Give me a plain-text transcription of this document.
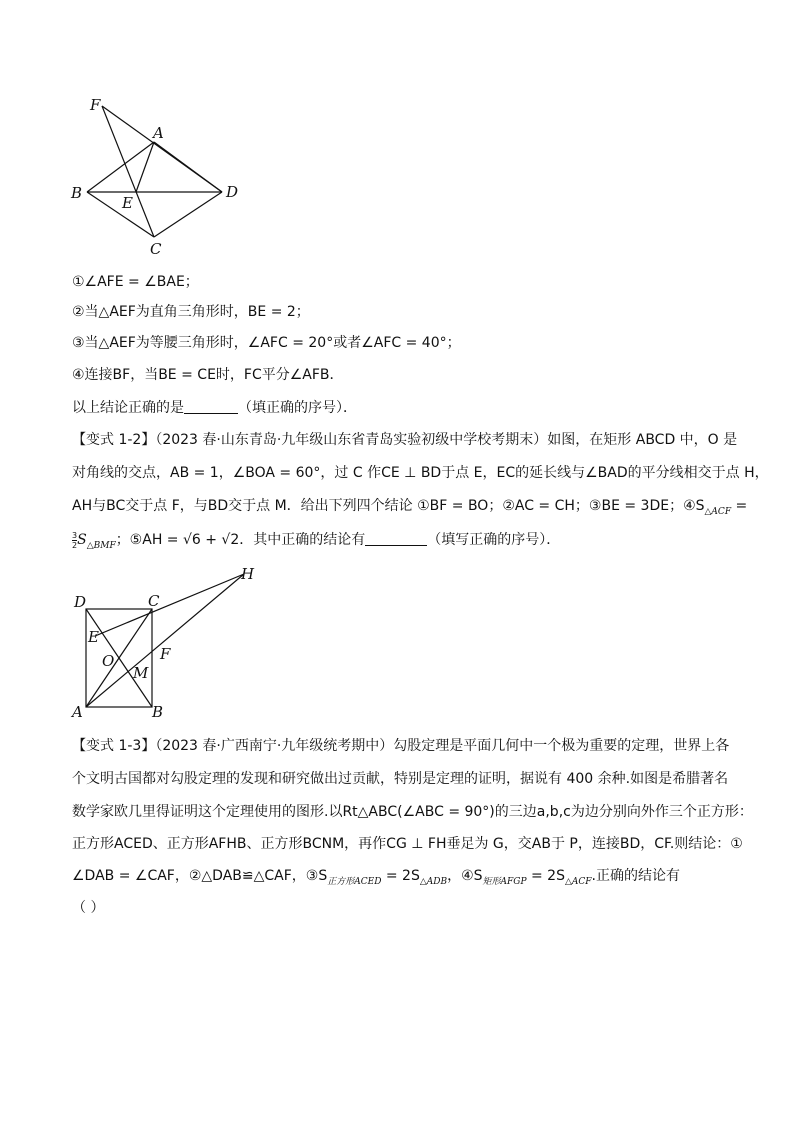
F
A
B
E
D
C
①∠AFE = ∠BAE；
②当△AEF为直角三角形时，BE = 2；
③当△AEF为等腰三角形时，∠AFC = 20°或者∠AFC = 40°；
④连接BF，当BE = CE时，FC平分∠AFB．
以上结论正确的是	（填正确的序号）．
【变式 1-2】（2023 春·山东青岛·九年级山东省青岛实验初级中学校考期末）如图，在矩形 ABCD 中，O 是
对角线的交点，AB = 1，∠BOA = 60°，过 C 作CE ⊥ BD于点 E，EC的延长线与∠BAD的平分线相交于点 H，
AH与BC交于点 F，与BD交于点 M．给出下列四个结论 ①BF = BO；②AC = CH；③BE = 3DE；$④S_{\triangle ACF}$ =
$\frac{3}{2} S_{\triangle BMF}$；⑤AH = √6 + √2．其中正确的结论有	（填写正确的序号）．
D	C
H
E
O	F
M
A	B
【变式 1-3】（2023 春·广西南宁·九年级统考期中）勾股定理是平面几何中一个极为重要的定理，世界上各
个文明古国都对勾股定理的发现和研究做出过贡献，特别是定理的证明，据说有 400 余种.如图是希腊著名
数学家欧几里得证明这个定理使用的图形.以Rt△ABC(∠ABC = 90°)的三边a,b,c为边分别向外作三个正方形：
正方形ACED、正方形AFHB、正方形BCNM，再作CG ⊥ FH垂足为 G，交AB于 P，连接BD，CF.则结论：①
∠DAB = ∠CAF，②△DAB≌△CAF，$③S_{正方形ACED} = 2S_{\triangle ADB}$，$④S_{矩形AFGP} = 2S_{\triangle ACF}$.正确的结论有
（ ）
